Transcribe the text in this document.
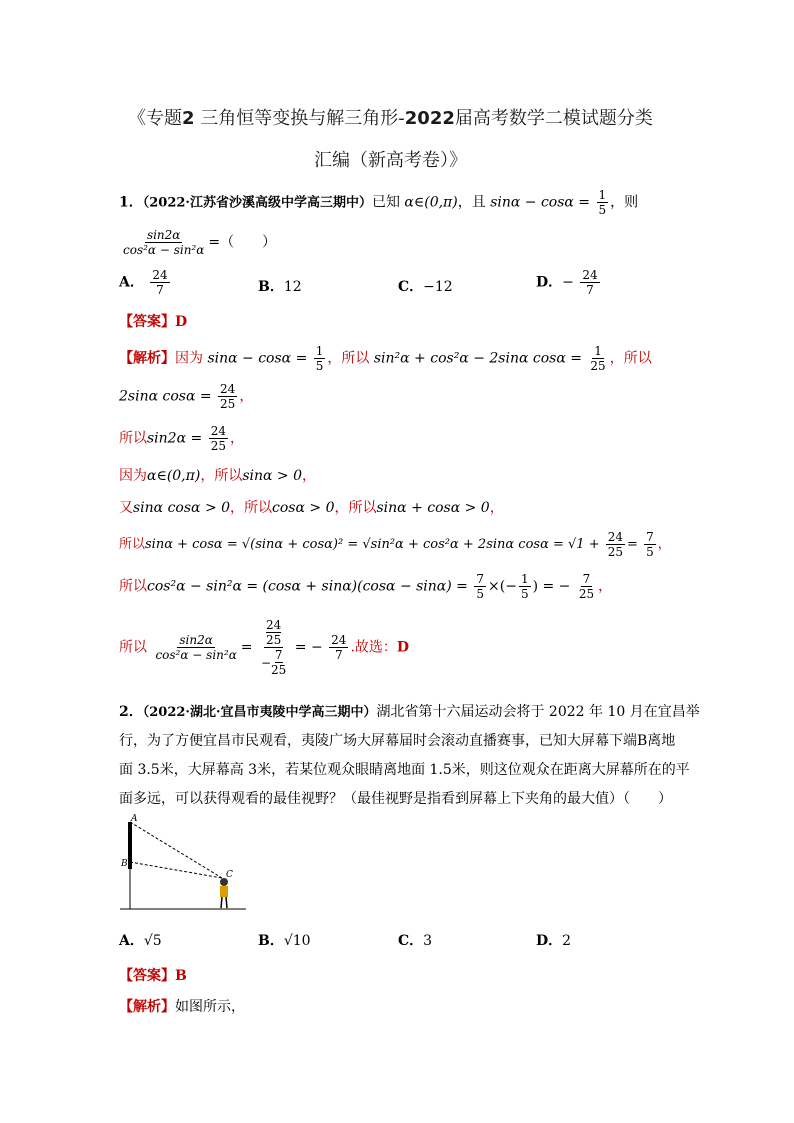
《专题2 三角恒等变换与解三角形-2022届高考数学二模试题分类
汇编（新高考卷）》
1．（2022·江苏省沙溪高级中学高三期中）已知 α∈(0,π)，且 $\sin\alpha - \cos\alpha = \frac{1}{5}$ ，则
$\frac{\sin 2\alpha}{\text{cos²α − sin²α}}$ =（　　）
A． $\frac{24}{7}$	B．12	C．−12	D．− $\frac{24}{7}$
【答案】D
【解析】因为 $\sin\alpha - \cos\alpha = \frac{1}{5}$ ，所以 sin²α + cos²α − 2sinα $\cos\alpha = \frac{1}{25}$ ，所以
2sinα $\cos\alpha = \frac{24}{25}$ ，
所以$\sin 2\alpha = \frac{24}{25}$ ，
因为α∈(0,π)，所以sinα > 0，
又sinα cosα > 0，所以cosα > 0，所以sinα + cosα > 0，
所以sinα + cosα = √(sinα + cosα)² = √sin²α + cos²α + 2sinα $\cos\alpha = √1 + \frac{24}{25} = \frac{7}{5}$ ，
所以$\cos^2\alpha - \sin^2\alpha = (\cos\alpha + \sin\alpha)(\cos\alpha - \sin\alpha) = \frac{7}{5}$ ×(− $\frac{1}{5}$ ) = − $\frac{7}{25}$ ，
所以 $\frac{\sin 2\alpha}{\text{cos²α − sin²α}} = 24$
25
− $\frac{7}{25}$ = − $\frac{24}{7}$ .故选：D
2．（2022·湖北·宜昌市夷陵中学高三期中）湖北省第十六届运动会将于 2022 年 10 月在宜昌举
行，为了方便宜昌市民观看，夷陵广场大屏幕届时会滚动直播赛事，已知大屏幕下端B离地
面 3.5米，大屏幕高 3米，若某位观众眼睛离地面 1.5米，则这位观众在距离大屏幕所在的平
面多远，可以获得观看的最佳视野？（最佳视野是指看到屏幕上下夹角的最大值）（　　）
A
B
C
A．√5	B．√10	C．3	D．2
【答案】B
【解析】如图所示，
